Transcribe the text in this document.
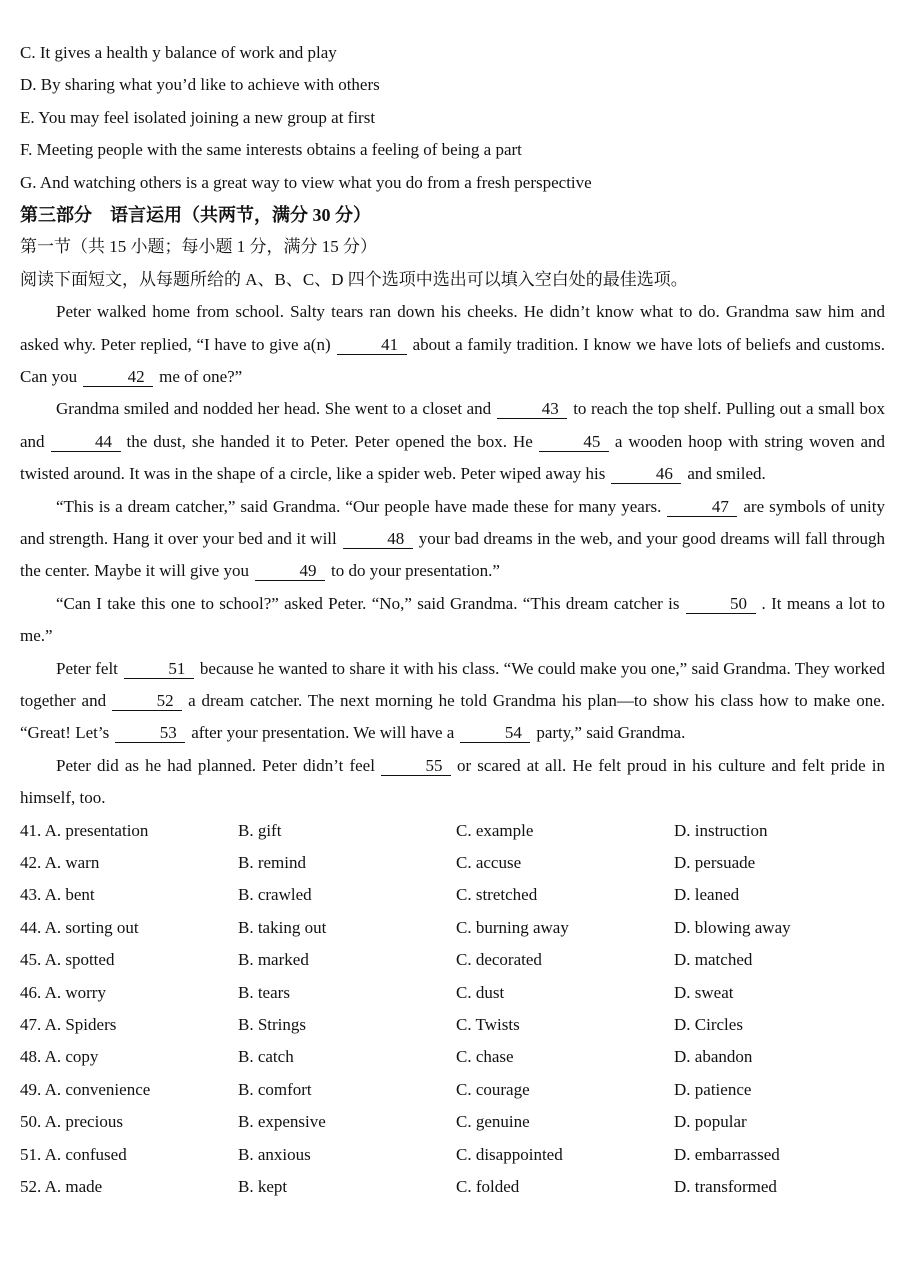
C. It gives a health y balance of work and play
D. By sharing what you’d like to achieve with others
E. You may feel isolated joining a new group at first
F. Meeting people with the same interests obtains a feeling of being a part
G. And watching others is a great way to view what you do from a fresh perspective
第三部分　语言运用（共两节，满分 30 分）
第一节（共 15 小题；每小题 1 分，满分 15 分）
阅读下面短文，从每题所给的 A、B、C、D 四个选项中选出可以填入空白处的最佳选项。
Peter walked home from school. Salty tears ran down his cheeks. He didn’t know what to do. Grandma saw him and asked why. Peter replied, “I have to give a(n)	41 about a family tradition. I know we have lots of beliefs and customs. Can you	42 me of one?”
Grandma smiled and nodded her head. She went to a closet and	43 to reach the top shelf. Pulling out a small box and	44 the dust, she handed it to Peter. Peter opened the box. He	45 a wooden hoop with string woven and twisted around. It was in the shape of a circle, like a spider web. Peter wiped away his	46 and smiled.
“This is a dream catcher,” said Grandma. “Our people have made these for many years.	47 are symbols of unity and strength. Hang it over your bed and it will	48 your bad dreams in the web, and your good dreams will fall through the center. Maybe it will give you	49 to do your presentation.”
“Can I take this one to school?” asked Peter. “No,” said Grandma. “This dream catcher is	50 . It means a lot to me.”
Peter felt	51 because he wanted to share it with his class. “We could make you one,” said Grandma. They worked together and	52 a dream catcher. The next morning he told Grandma his plan—to show his class how to make one. “Great! Let’s	53 after your presentation. We will have a	54 party,” said Grandma.
Peter did as he had planned. Peter didn’t feel	55 or scared at all. He felt proud in his culture and felt pride in himself, too.
41. A. presentation	B. gift	C. example	D. instruction
42. A. warn	B. remind	C. accuse	D. persuade
43. A. bent	B. crawled	C. stretched	D. leaned
44. A. sorting out	B. taking out	C. burning away	D. blowing away
45. A. spotted	B. marked	C. decorated	D. matched
46. A. worry	B. tears	C. dust	D. sweat
47. A. Spiders	B. Strings	C. Twists	D. Circles
48. A. copy	B. catch	C. chase	D. abandon
49. A. convenience	B. comfort	C. courage	D. patience
50. A. precious	B. expensive	C. genuine	D. popular
51. A. confused	B. anxious	C. disappointed	D. embarrassed
52. A. made	B. kept	C. folded	D. transformed
